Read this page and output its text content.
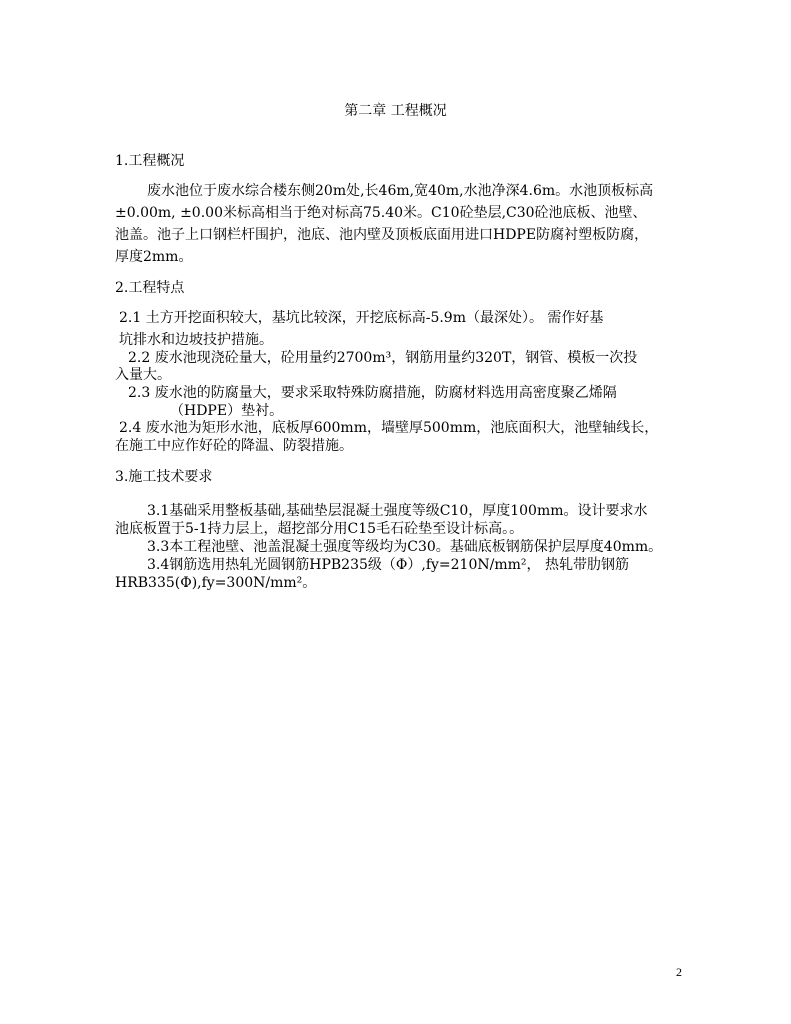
第二章 工程概况
1.工程概况
废水池位于废水综合楼东侧20m处,长46m,宽40m,水池净深4.6m。水池顶板标高
±0.00m, ±0.00米标高相当于绝对标高75.40米。C10砼垫层,C30砼池底板、池壁、
池盖。池子上口钢栏杆围护，池底、池内壁及顶板底面用进口HDPE防腐衬塑板防腐，
厚度2mm。
2.工程特点
2.1 土方开挖面积较大，基坑比较深，开挖底标高-5.9m（最深处）。 需作好基
坑排水和边坡技护措施。
2.2 废水池现浇砼量大，砼用量约2700m³，钢筋用量约320T，钢管、模板一次投
入量大。
2.3 废水池的防腐量大，要求采取特殊防腐措施，防腐材料选用高密度聚乙烯隔
（HDPE）垫衬。
2.4 废水池为矩形水池，底板厚600mm，墙壁厚500mm，池底面积大，池壁轴线长，
在施工中应作好砼的降温、防裂措施。
3.施工技术要求
3.1基础采用整板基础,基础垫层混凝土强度等级C10，厚度100mm。设计要求水
池底板置于5-1持力层上，超挖部分用C15毛石砼垫至设计标高。。
3.3本工程池壁、池盖混凝土强度等级均为C30。基础底板钢筋保护层厚度40mm。
3.4钢筋选用热轧光圆钢筋HPB235级（Φ）,fy=210N/mm²， 热轧带肋钢筋
HRB335(Φ),fy=300N/mm²。
2
